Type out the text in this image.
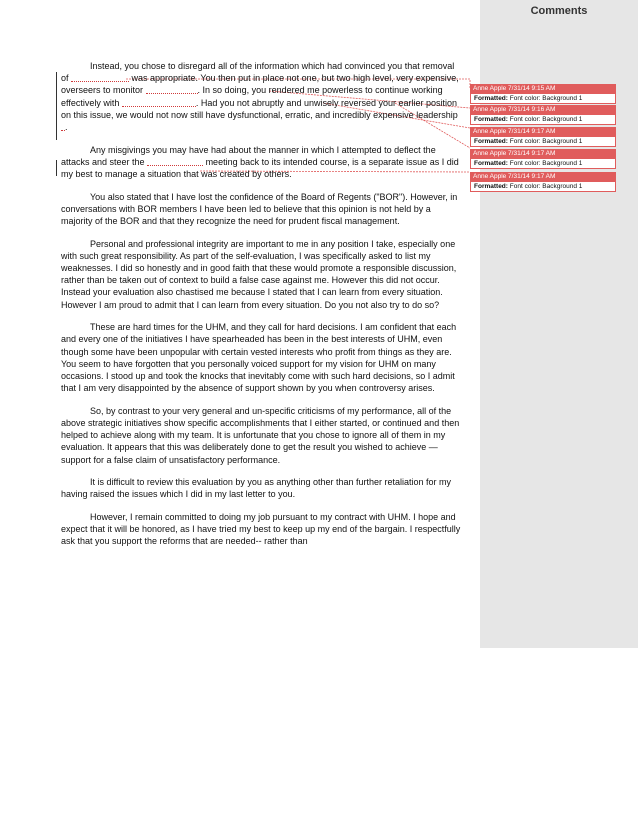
Comments
Anne Apple 7/31/14 9:15 AM
Formatted: Font color: Background 1
Anne Apple 7/31/14 9:16 AM
Formatted: Font color: Background 1
Anne Apple 7/31/14 9:17 AM
Formatted: Font color: Background 1
Anne Apple 7/31/14 9:17 AM
Formatted: Font color: Background 1
Anne Apple 7/31/14 9:17 AM
Formatted: Font color: Background 1

Instead, you chose to disregard all of the information which had convinced you that removal of	was appropriate. You then put in place not one, but two high level, very expensive, overseers to monitor	. In so doing, you rendered me powerless to continue working effectively with	. Had you not abruptly and unwisely reversed your earlier position on this issue, we would not now still have dysfunctional, erratic, and incredibly expensive leadership .

Any misgivings you may have had about the manner in which I attempted to deflect the attacks and steer the	meeting back to its intended course, is a separate issue as I did my best to manage a situation that was created by others.

You also stated that I have lost the confidence of the Board of Regents ("BOR"). However, in conversations with BOR members I have been led to believe that this opinion is not held by a majority of the BOR and that they recognize the need for prudent fiscal management.

Personal and professional integrity are important to me in any position I take, especially one with such great responsibility. As part of the self-evaluation, I was specifically asked to list my weaknesses. I did so honestly and in good faith that these would promote a responsible discussion, rather than be taken out of context to build a false case against me. However this did not occur. Instead your evaluation also chastised me because I stated that I can learn from every situation. However I am proud to admit that I can learn from every situation. Do you not also try to do so?

These are hard times for the UHM, and they call for hard decisions. I am confident that each and every one of the initiatives I have spearheaded has been in the best interests of UHM, even though some have been unpopular with certain vested interests who profit from things as they are. You seem to have forgotten that you personally voiced support for my vision for UHM on many occasions. I stood up and took the knocks that inevitably come with such hard decisions, so I admit that I am very disappointed by the absence of support shown by you when controversy arises.

So, by contrast to your very general and un-specific criticisms of my performance, all of the above strategic initiatives show specific accomplishments that I either started, or continued and then helped to achieve along with my team. It is unfortunate that you chose to ignore all of them in my evaluation. It appears that this was deliberately done to get the result you wished to achieve — support for a false claim of unsatisfactory performance.

It is difficult to review this evaluation by you as anything other than further retaliation for my having raised the issues which I did in my last letter to you.

However, I remain committed to doing my job pursuant to my contract with UHM. I hope and expect that it will be honored, as I have tried my best to keep up my end of the bargain. I respectfully ask that you support the reforms that are needed-- rather than
